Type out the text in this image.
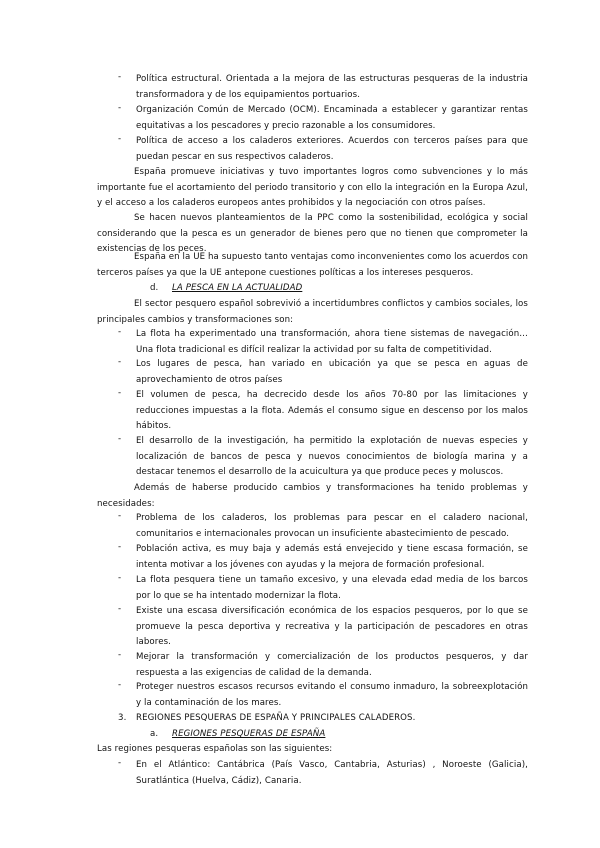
-	Política estructural. Orientada a la mejora de las estructuras pesqueras de la industria transformadora y de los equipamientos portuarios.
-	Organización Común de Mercado (OCM). Encaminada a establecer y garantizar rentas equitativas a los pescadores y precio razonable a los consumidores.
-	Política de acceso a los caladeros exteriores. Acuerdos con terceros países para que puedan pescar en sus respectivos caladeros.
España promueve iniciativas y tuvo importantes logros como subvenciones y lo más importante fue el acortamiento del periodo transitorio y con ello la integración en la Europa Azul, y el acceso a los caladeros europeos antes prohibidos y la negociación con otros países.
Se hacen nuevos planteamientos de la PPC como la sostenibilidad, ecológica y social considerando que la pesca es un generador de bienes pero que no tienen que comprometer la existencias de los peces.
España en la UE ha supuesto tanto ventajas como inconvenientes como los acuerdos con terceros países ya que la UE antepone cuestiones políticas a los intereses pesqueros.
d. LA PESCA EN LA ACTUALIDAD
El sector pesquero español sobrevivió a incertidumbres conflictos y cambios sociales, los principales cambios y transformaciones son:
-	La flota ha experimentado una transformación, ahora tiene sistemas de navegación… Una flota tradicional es difícil realizar la actividad por su falta de competitividad.
-	Los lugares de pesca, han variado en ubicación ya que se pesca en aguas de aprovechamiento de otros países
-	El volumen de pesca, ha decrecido desde los años 70-80 por las limitaciones y reducciones impuestas a la flota. Además el consumo sigue en descenso por los malos hábitos.
-	El desarrollo de la investigación, ha permitido la explotación de nuevas especies y localización de bancos de pesca y nuevos conocimientos de biología marina y a destacar tenemos el desarrollo de la acuicultura ya que produce peces y moluscos.
Además de haberse producido cambios y transformaciones ha tenido problemas y necesidades:
-	Problema de los caladeros, los problemas para pescar en el caladero nacional, comunitarios e internacionales provocan un insuficiente abastecimiento de pescado.
-	Población activa, es muy baja y además está envejecido y tiene escasa formación, se intenta motivar a los jóvenes con ayudas y la mejora de formación profesional.
-	La flota pesquera tiene un tamaño excesivo, y una elevada edad media de los barcos por lo que se ha intentado modernizar la flota.
-	Existe una escasa diversificación económica de los espacios pesqueros, por lo que se promueve la pesca deportiva y recreativa y la participación de pescadores en otras labores.
-	Mejorar la transformación y comercialización de los productos pesqueros, y dar respuesta a las exigencias de calidad de la demanda.
-	Proteger nuestros escasos recursos evitando el consumo inmaduro, la sobreexplotación y la contaminación de los mares.
3. REGIONES PESQUERAS DE ESPAÑA Y PRINCIPALES CALADEROS.
a. REGIONES PESQUERAS DE ESPAÑA
Las regiones pesqueras españolas son las siguientes:
-	En el Atlántico: Cantábrica (País Vasco, Cantabria, Asturias) , Noroeste (Galicia), Suratlántica (Huelva, Cádiz), Canaria.
